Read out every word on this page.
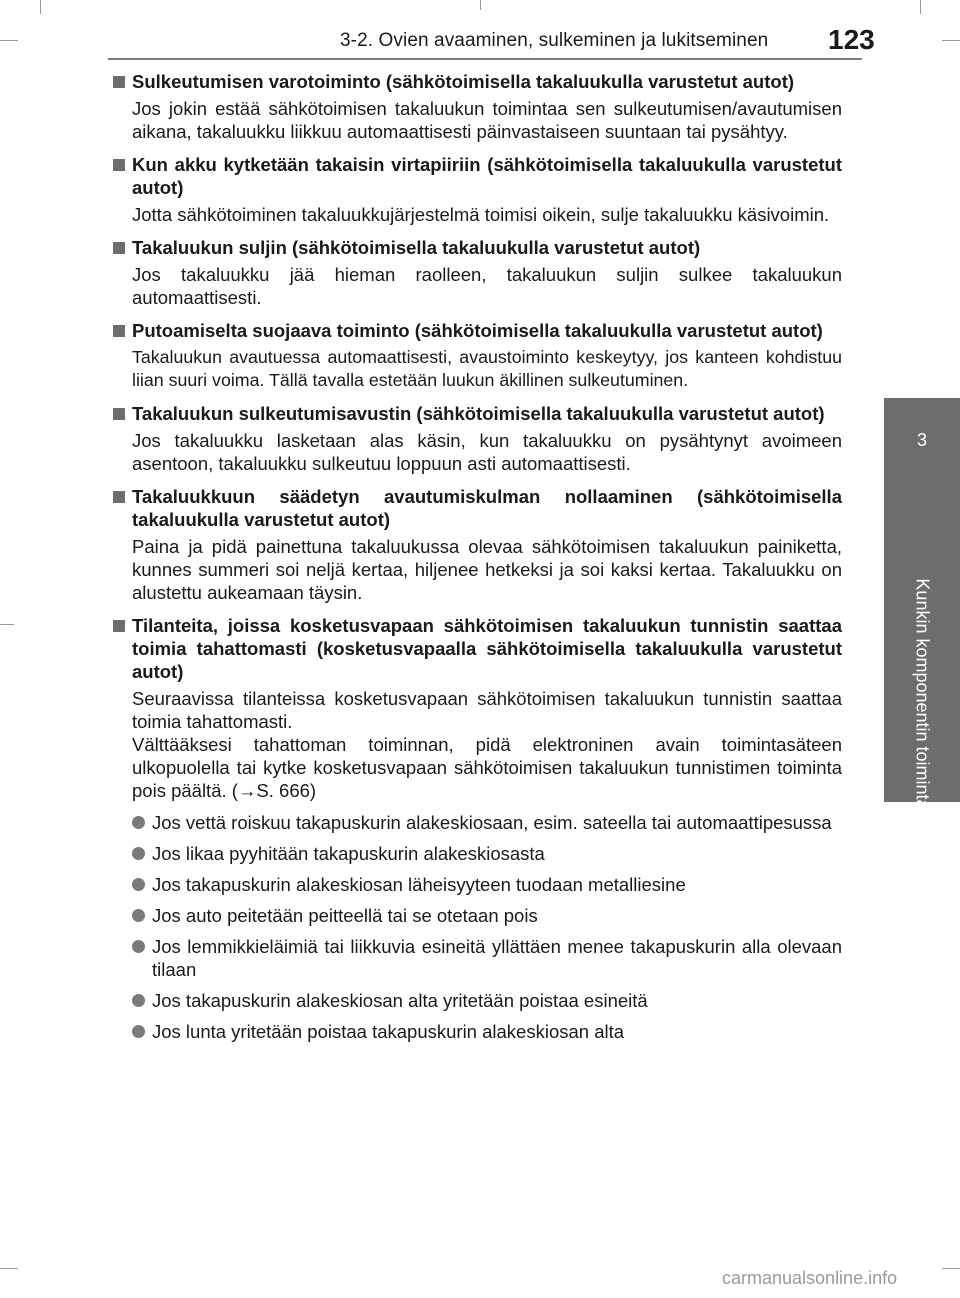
3-2. Ovien avaaminen, sulkeminen ja lukitseminen 123
3
Kunkin komponentin toiminta
Sulkeutumisen varotoiminto (sähkötoimisella takaluukulla varustetut autot)

Jos jokin estää sähkötoimisen takaluukun toimintaa sen sulkeutumisen/avautumisen aikana, takaluukku liikkuu automaattisesti päinvastaiseen suuntaan tai pysähtyy.

Kun akku kytketään takaisin virtapiiriin (sähkötoimisella takaluukulla varustetut autot)

Jotta sähkötoiminen takaluukkujärjestelmä toimisi oikein, sulje takaluukku käsivoimin.

Takaluukun suljin (sähkötoimisella takaluukulla varustetut autot)

Jos takaluukku jää hieman raolleen, takaluukun suljin sulkee takaluukun automaattisesti.

Putoamiselta suojaava toiminto (sähkötoimisella takaluukulla varustetut autot)

Takaluukun avautuessa automaattisesti, avaustoiminto keskeytyy, jos kanteen kohdistuu liian suuri voima. Tällä tavalla estetään luukun äkillinen sulkeutuminen.

Takaluukun sulkeutumisavustin (sähkötoimisella takaluukulla varustetut autot)

Jos takaluukku lasketaan alas käsin, kun takaluukku on pysähtynyt avoimeen asentoon, takaluukku sulkeutuu loppuun asti automaattisesti.

Takaluukkuun säädetyn avautumiskulman nollaaminen (sähkötoimisella takaluukulla varustetut autot)

Paina ja pidä painettuna takaluukussa olevaa sähkötoimisen takaluukun painiketta, kunnes summeri soi neljä kertaa, hiljenee hetkeksi ja soi kaksi kertaa. Takaluukku on alustettu aukeamaan täysin.

Tilanteita, joissa kosketusvapaan sähkötoimisen takaluukun tunnistin saattaa toimia tahattomasti (kosketusvapaalla sähkötoimisella takaluukulla varustetut autot)

Seuraavissa tilanteissa kosketusvapaan sähkötoimisen takaluukun tunnistin saattaa toimia tahattomasti.

Välttääksesi tahattoman toiminnan, pidä elektroninen avain toimintasäteen ulkopuolella tai kytke kosketusvapaan sähkötoimisen takaluukun tunnistimen toiminta pois päältä. (→S. 666)

Jos vettä roiskuu takapuskurin alakeskiosaan, esim. sateella tai automaattipesussa
Jos likaa pyyhitään takapuskurin alakeskiosasta
Jos takapuskurin alakeskiosan läheisyyteen tuodaan metalliesine
Jos auto peitetään peitteellä tai se otetaan pois
Jos lemmikkieläimiä tai liikkuvia esineitä yllättäen menee takapuskurin alla olevaan tilaan
Jos takapuskurin alakeskiosan alta yritetään poistaa esineitä
Jos lunta yritetään poistaa takapuskurin alakeskiosan alta
carmanualsonline.info
